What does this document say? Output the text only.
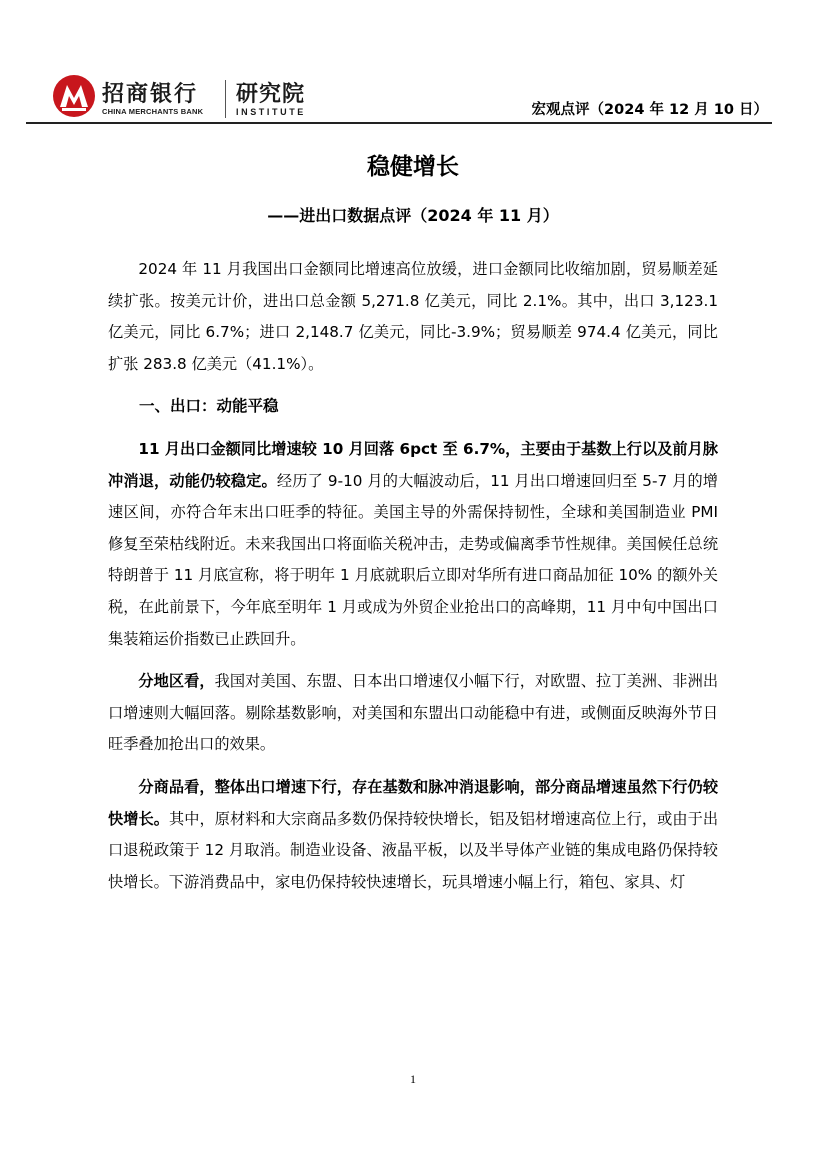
招商银行
CHINA MERCHANTS BANK
研究院
INSTITUTE	宏观点评（2024 年 12 月 10 日）
稳健增长
——进出口数据点评（2024 年 11 月）

2024 年 11 月我国出口金额同比增速高位放缓，进口金额同比收缩加剧，贸易顺差延续扩张。按美元计价，进出口总金额 5,271.8 亿美元，同比 2.1%。其中，出口 3,123.1 亿美元，同比 6.7%；进口 2,148.7 亿美元，同比-3.9%；贸易顺差 974.4 亿美元，同比扩张 283.8 亿美元（41.1%）。

一、出口：动能平稳

11 月出口金额同比增速较 10 月回落 6pct 至 6.7%，主要由于基数上行以及前月脉冲消退，动能仍较稳定。经历了 9-10 月的大幅波动后，11 月出口增速回归至 5-7 月的增速区间，亦符合年末出口旺季的特征。美国主导的外需保持韧性，全球和美国制造业 PMI 修复至荣枯线附近。未来我国出口将面临关税冲击，走势或偏离季节性规律。美国候任总统特朗普于 11 月底宣称，将于明年 1 月底就职后立即对华所有进口商品加征 10% 的额外关税，在此前景下，今年底至明年 1 月或成为外贸企业抢出口的高峰期，11 月中旬中国出口集装箱运价指数已止跌回升。

分地区看，我国对美国、东盟、日本出口增速仅小幅下行，对欧盟、拉丁美洲、非洲出口增速则大幅回落。剔除基数影响，对美国和东盟出口动能稳中有进，或侧面反映海外节日旺季叠加抢出口的效果。

分商品看，整体出口增速下行，存在基数和脉冲消退影响，部分商品增速虽然下行仍较快增长。其中，原材料和大宗商品多数仍保持较快增长，铝及铝材增速高位上行，或由于出口退税政策于 12 月取消。制造业设备、液晶平板，以及半导体产业链的集成电路仍保持较快增长。下游消费品中，家电仍保持较快速增长，玩具增速小幅上行，箱包、家具、灯

1
